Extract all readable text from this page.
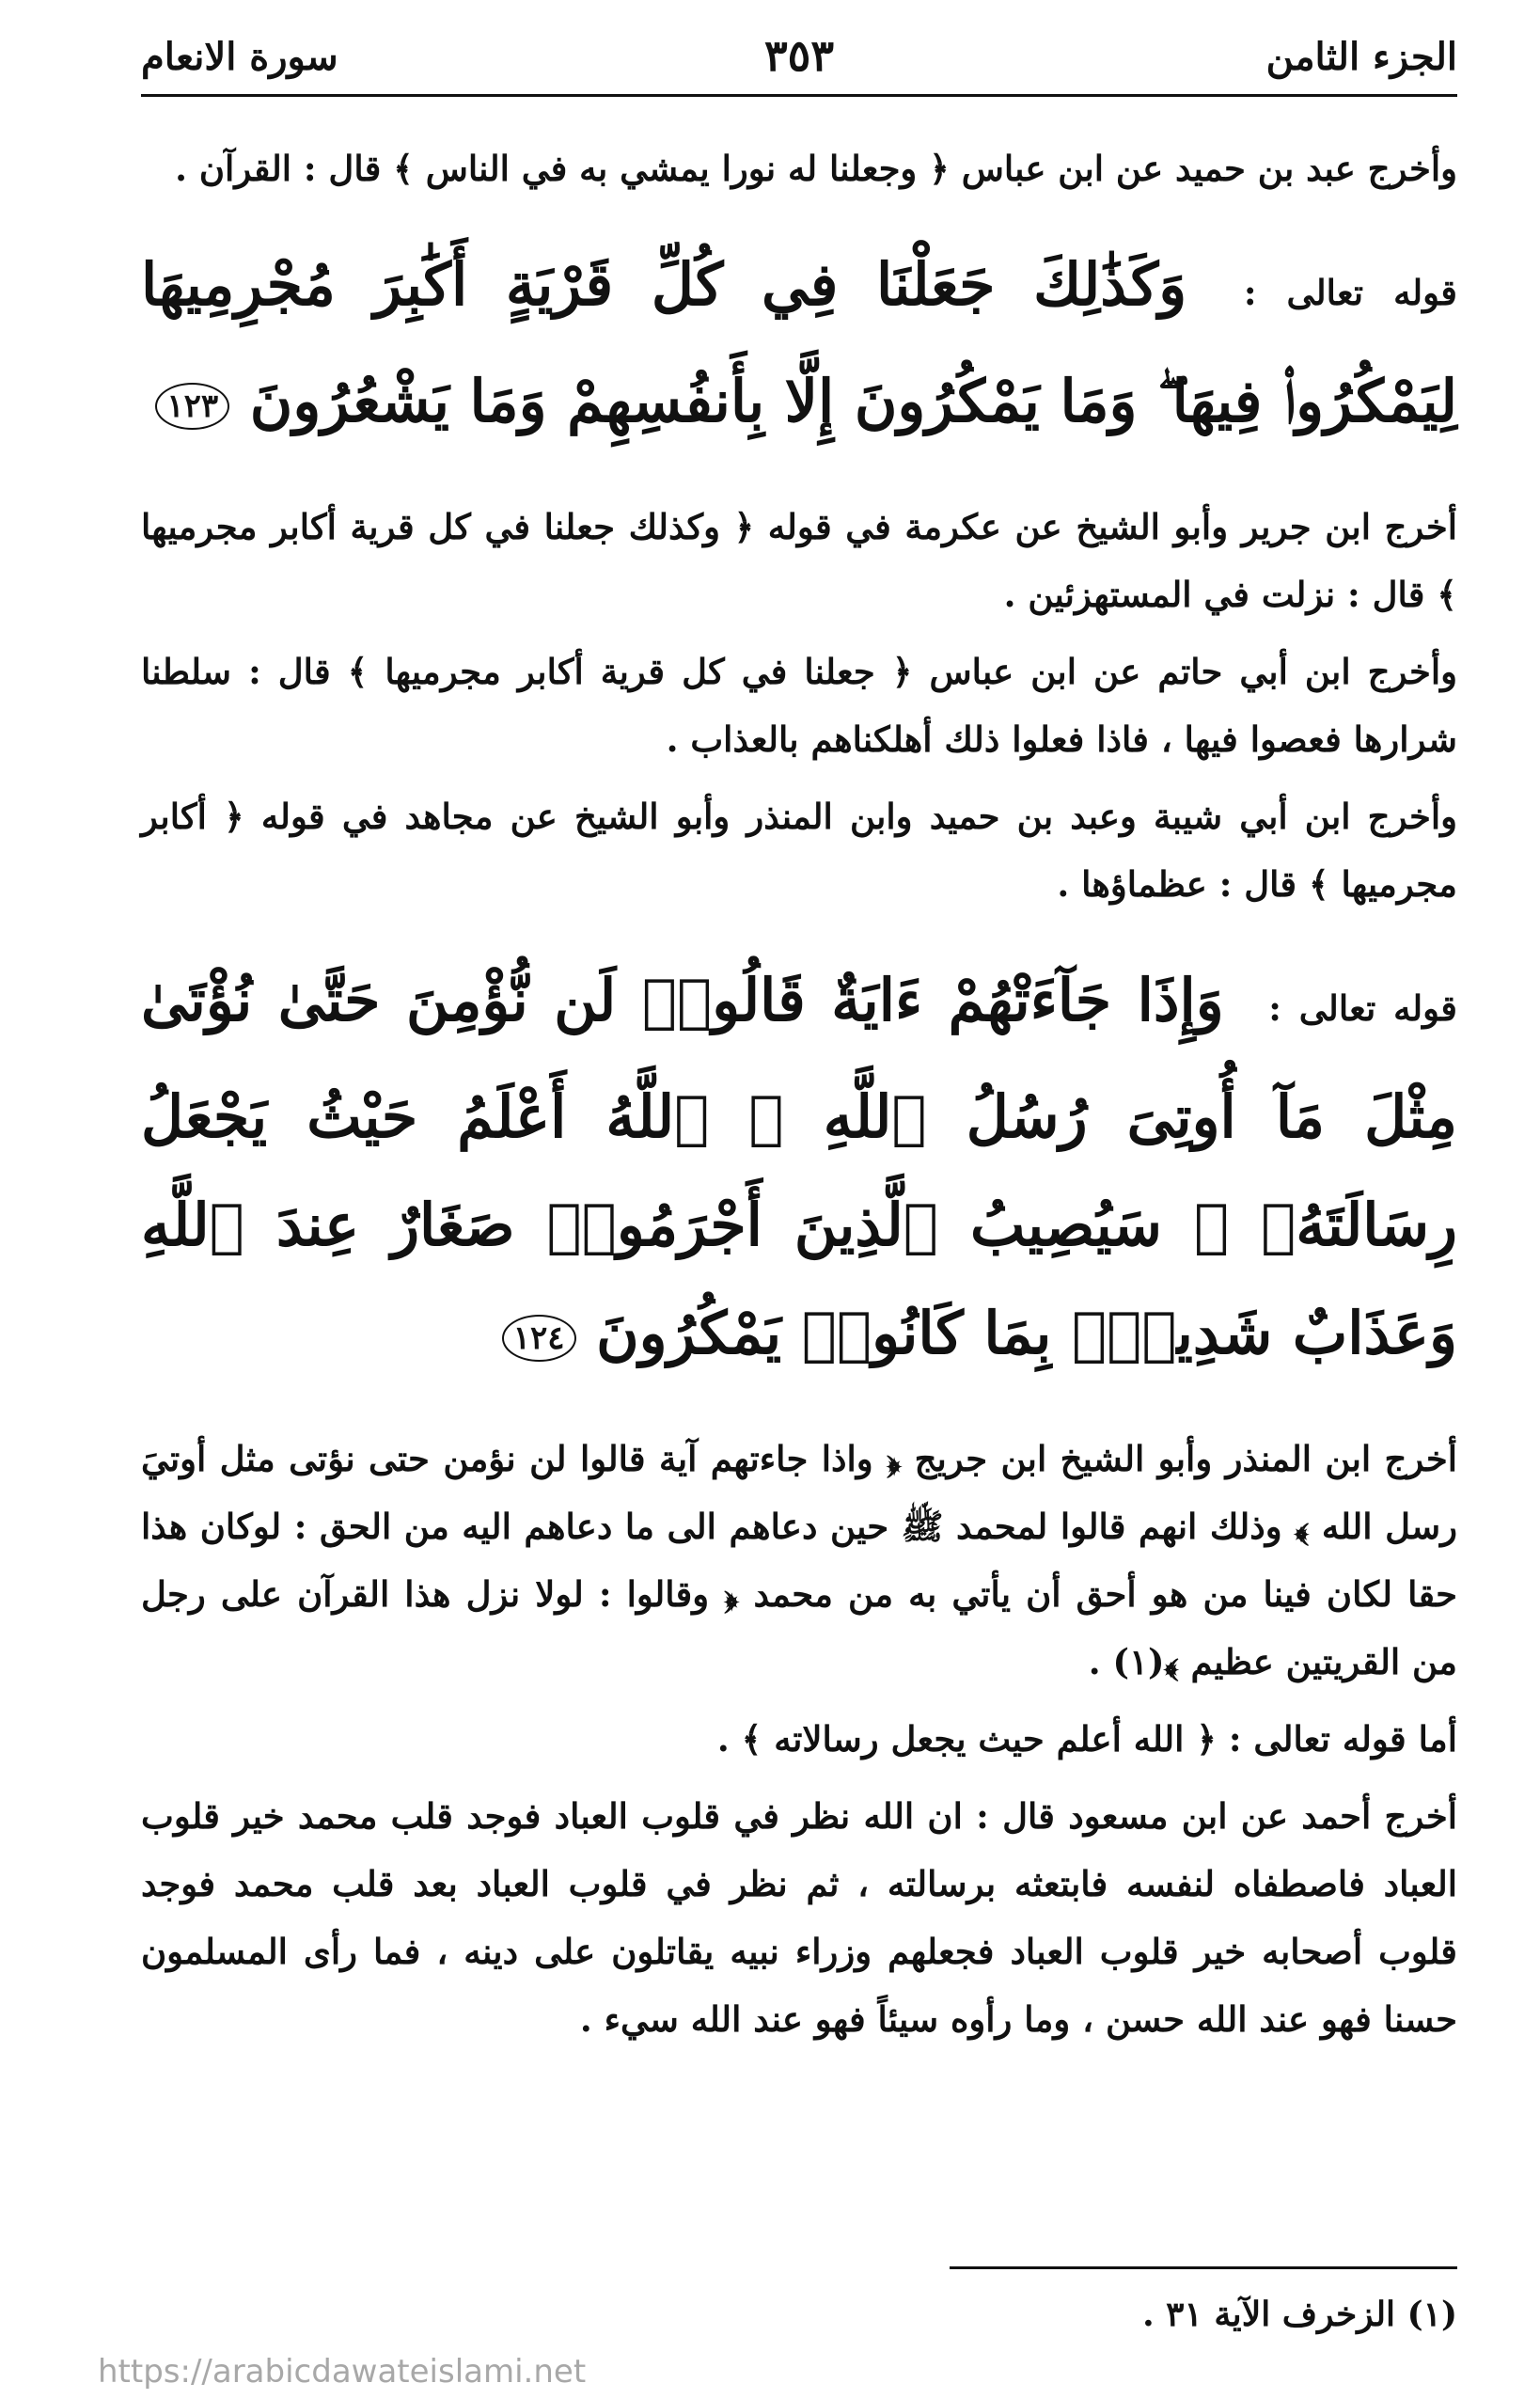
الجزء الثامن
٣٥٣
سورة الانعام

وأخرج عبد بن حميد عن ابن عباس ﴿ وجعلنا له نورا يمشي به في الناس ﴾ قال : القرآن .

قوله تعالى : وَكَذَٰلِكَ جَعَلْنَا فِي كُلِّ قَرْيَةٍ أَكَٰبِرَ مُجْرِمِيهَا لِيَمْكُرُوا۟ فِيهَا ۖ وَمَا يَمْكُرُونَ إِلَّا بِأَنفُسِهِمْ وَمَا يَشْعُرُونَ ١٢٣

أخرج ابن جرير وأبو الشيخ عن عكرمة في قوله ﴿ وكذلك جعلنا في كل قرية أكابر مجرميها ﴾ قال : نزلت في المستهزئين .

وأخرج ابن أبي حاتم عن ابن عباس ﴿ جعلنا في كل قرية أكابر مجرميها ﴾ قال : سلطنا شرارها فعصوا فيها ، فاذا فعلوا ذلك أهلكناهم بالعذاب .

وأخرج ابن أبي شيبة وعبد بن حميد وابن المنذر وأبو الشيخ عن مجاهد في قوله ﴿ أكابر مجرميها ﴾ قال : عظماؤها .

قوله تعالى : وَإِذَا جَآءَتْهُمْ ءَايَةٌ قَالُوا۟ لَن نُّؤْمِنَ حَتَّىٰ نُؤْتَىٰ مِثْلَ مَآ أُوتِىَ رُسُلُ ٱللَّهِ ۘ ٱللَّهُ أَعْلَمُ حَيْثُ يَجْعَلُ رِسَالَتَهُۥ ۗ سَيُصِيبُ ٱلَّذِينَ أَجْرَمُوا۟ صَغَارٌ عِندَ ٱللَّهِ وَعَذَابٌ شَدِيدٌۢ بِمَا كَانُوا۟ يَمْكُرُونَ ١٢٤

أخرج ابن المنذر وأبو الشيخ ابن جريج ﴿ واذا جاءتهم آية قالوا لن نؤمن حتى نؤتى مثل أوتيَ رسل الله ﴾ وذلك انهم قالوا لمحمد ﷺ حين دعاهم الى ما دعاهم اليه من الحق : لوكان هذا حقا لكان فينا من هو أحق أن يأتي به من محمد ﴿ وقالوا : لولا نزل هذا القرآن على رجل من القريتين عظيم ﴾(١) .

أما قوله تعالى : ﴿ الله أعلم حيث يجعل رسالاته ﴾ .

أخرج أحمد عن ابن مسعود قال : ان الله نظر في قلوب العباد فوجد قلب محمد خير قلوب العباد فاصطفاه لنفسه فابتعثه برسالته ، ثم نظر في قلوب العباد بعد قلب محمد فوجد قلوب أصحابه خير قلوب العباد فجعلهم وزراء نبيه يقاتلون على دينه ، فما رأى المسلمون حسنا فهو عند الله حسن ، وما رأوه سيئاً فهو عند الله سيء .

(١) الزخرف الآية ٣١ .
https://arabicdawateislami.net
